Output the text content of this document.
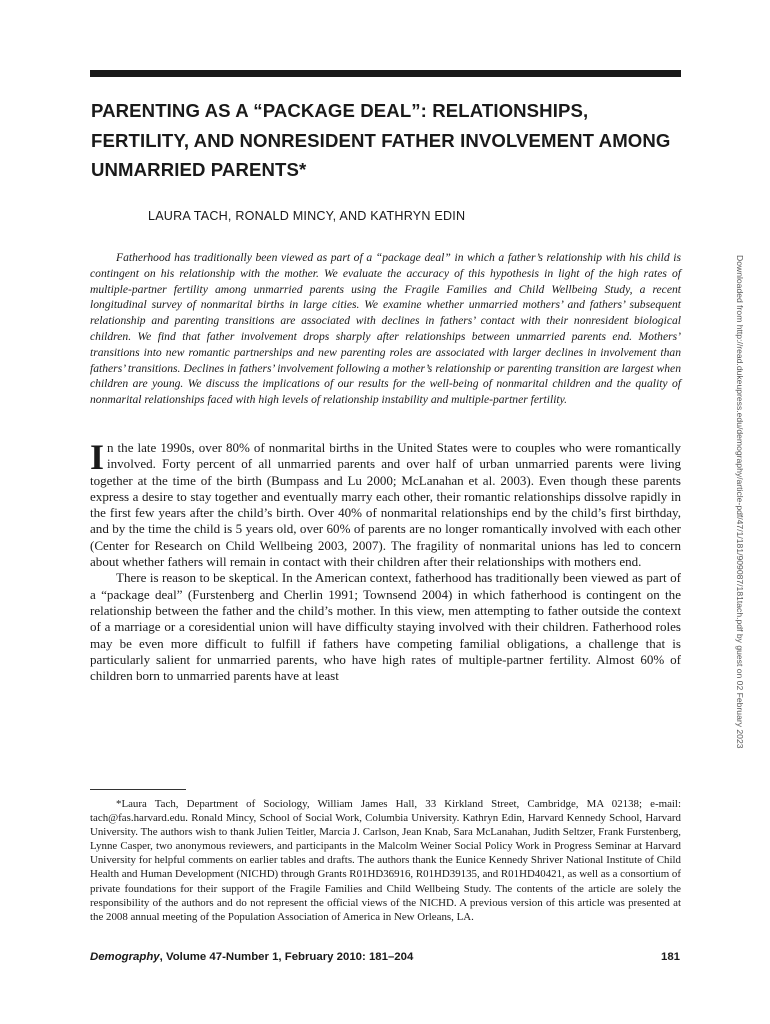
PARENTING AS A “PACKAGE DEAL”: RELATIONSHIPS, FERTILITY, AND NONRESIDENT FATHER INVOLVEMENT AMONG UNMARRIED PARENTS*
LAURA TACH, RONALD MINCY, AND KATHRYN EDIN

Fatherhood has traditionally been viewed as part of a “package deal” in which a father’s relationship with his child is contingent on his relationship with the mother. We evaluate the accuracy of this hypothesis in light of the high rates of multiple-partner fertility among unmarried parents using the Fragile Families and Child Wellbeing Study, a recent longitudinal survey of nonmarital births in large cities. We examine whether unmarried mothers’ and fathers’ subsequent relationship and parenting transitions are associated with declines in fathers’ contact with their nonresident biological children. We find that father involvement drops sharply after relationships between unmarried parents end. Mothers’ transitions into new romantic partnerships and new parenting roles are associated with larger declines in involvement than fathers’ transitions. Declines in fathers’ involvement following a mother’s relationship or parenting transition are largest when children are young. We discuss the implications of our results for the well-being of nonmarital children and the quality of nonmarital relationships faced with high levels of relationship instability and multiple-partner fertility.

In the late 1990s, over 80% of nonmarital births in the United States were to couples who were romantically involved. Forty percent of all unmarried parents and over half of urban unmarried parents were living together at the time of the birth (Bumpass and Lu 2000; McLanahan et al. 2003). Even though these parents express a desire to stay together and eventually marry each other, their romantic relationships dissolve rapidly in the first few years after the child’s birth. Over 40% of nonmarital relationships end by the child’s first birthday, and by the time the child is 5 years old, over 60% of parents are no longer romantically involved with each other (Center for Research on Child Wellbeing 2003, 2007). The fragility of nonmarital unions has led to concern about whether fathers will remain in contact with their children after their relationships with mothers end.

There is reason to be skeptical. In the American context, fatherhood has traditionally been viewed as part of a “package deal” (Furstenberg and Cherlin 1991; Townsend 2004) in which fatherhood is contingent on the relationship between the father and the child’s mother. In this view, men attempting to father outside the context of a marriage or a coresidential union will have difficulty staying involved with their children. Fatherhood roles may be even more difficult to fulfill if fathers have competing familial obligations, a challenge that is particularly salient for unmarried parents, who have high rates of multiple-partner fertility. Almost 60% of children born to unmarried parents have at least

*Laura Tach, Department of Sociology, William James Hall, 33 Kirkland Street, Cambridge, MA 02138; e-mail: tach@fas.harvard.edu. Ronald Mincy, School of Social Work, Columbia University. Kathryn Edin, Harvard Kennedy School, Harvard University. The authors wish to thank Julien Teitler, Marcia J. Carlson, Jean Knab, Sara McLanahan, Judith Seltzer, Frank Furstenberg, Lynne Casper, two anonymous reviewers, and participants in the Malcolm Weiner Social Policy Work in Progress Seminar at Harvard University for helpful comments on earlier tables and drafts. The authors thank the Eunice Kennedy Shriver National Institute of Child Health and Human Development (NICHD) through Grants R01HD36916, R01HD39135, and R01HD40421, as well as a consortium of private foundations for their support of the Fragile Families and Child Wellbeing Study. The contents of the article are solely the responsibility of the authors and do not represent the official views of the NICHD. A previous version of this article was presented at the 2008 annual meeting of the Population Association of America in New Orleans, LA.

Demography, Volume 47-Number 1, February 2010: 181–204	181
Downloaded from http://read.dukeupress.edu/demography/article-pdf/47/1/181/909087/181tach.pdf by guest on 02 February 2023
